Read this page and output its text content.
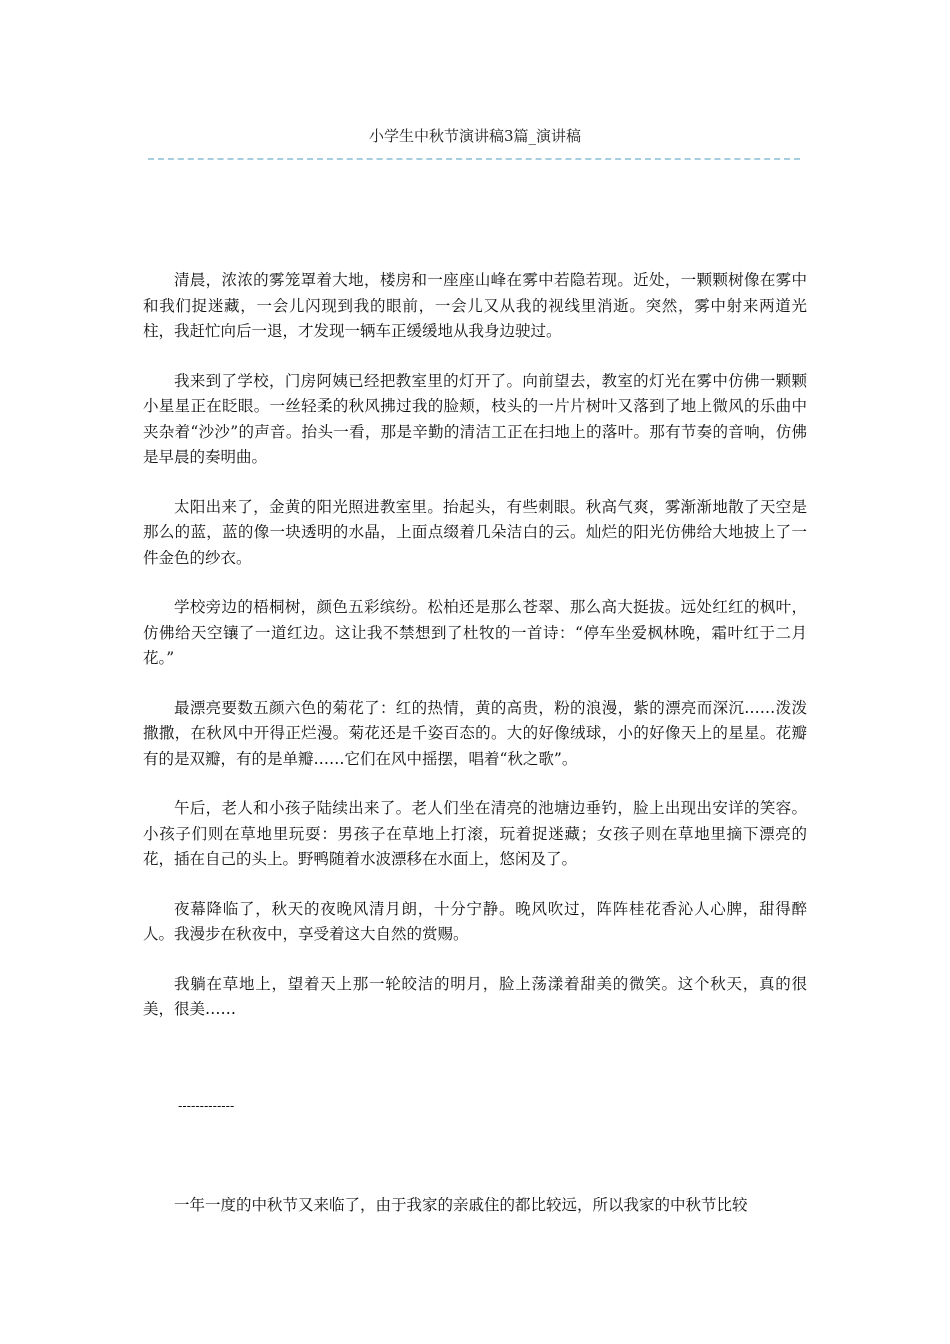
小学生中秋节演讲稿3篇_演讲稿

清晨，浓浓的雾笼罩着大地，楼房和一座座山峰在雾中若隐若现。近处，一颗颗树像在雾中和我们捉迷藏，一会儿闪现到我的眼前，一会儿又从我的视线里消逝。突然，雾中射来两道光柱，我赶忙向后一退，才发现一辆车正缓缓地从我身边驶过。

我来到了学校，门房阿姨已经把教室里的灯开了。向前望去，教室的灯光在雾中仿佛一颗颗小星星正在眨眼。一丝轻柔的秋风拂过我的脸颊，枝头的一片片树叶又落到了地上微风的乐曲中夹杂着“沙沙”的声音。抬头一看，那是辛勤的清洁工正在扫地上的落叶。那有节奏的音响，仿佛是早晨的奏明曲。

太阳出来了，金黄的阳光照进教室里。抬起头，有些刺眼。秋高气爽，雾渐渐地散了天空是那么的蓝，蓝的像一块透明的水晶，上面点缀着几朵洁白的云。灿烂的阳光仿佛给大地披上了一件金色的纱衣。

学校旁边的梧桐树，颜色五彩缤纷。松柏还是那么苍翠、那么高大挺拔。远处红红的枫叶，仿佛给天空镶了一道红边。这让我不禁想到了杜牧的一首诗：“停车坐爱枫林晚，霜叶红于二月花。”

最漂亮要数五颜六色的菊花了：红的热情，黄的高贵，粉的浪漫，紫的漂亮而深沉……泼泼撒撒，在秋风中开得正烂漫。菊花还是千姿百态的。大的好像绒球，小的好像天上的星星。花瓣有的是双瓣，有的是单瓣……它们在风中摇摆，唱着“秋之歌”。

午后，老人和小孩子陆续出来了。老人们坐在清亮的池塘边垂钓，脸上出现出安详的笑容。小孩子们则在草地里玩耍：男孩子在草地上打滚，玩着捉迷藏；女孩子则在草地里摘下漂亮的花，插在自己的头上。野鸭随着水波漂移在水面上，悠闲及了。

夜幕降临了，秋天的夜晚风清月朗，十分宁静。晚风吹过，阵阵桂花香沁人心脾，甜得醉人。我漫步在秋夜中，享受着这大自然的赏赐。

我躺在草地上，望着天上那一轮皎洁的明月，脸上荡漾着甜美的微笑。这个秋天，真的很美，很美……

-------------

一年一度的中秋节又来临了，由于我家的亲戚住的都比较远，所以我家的中秋节比较
